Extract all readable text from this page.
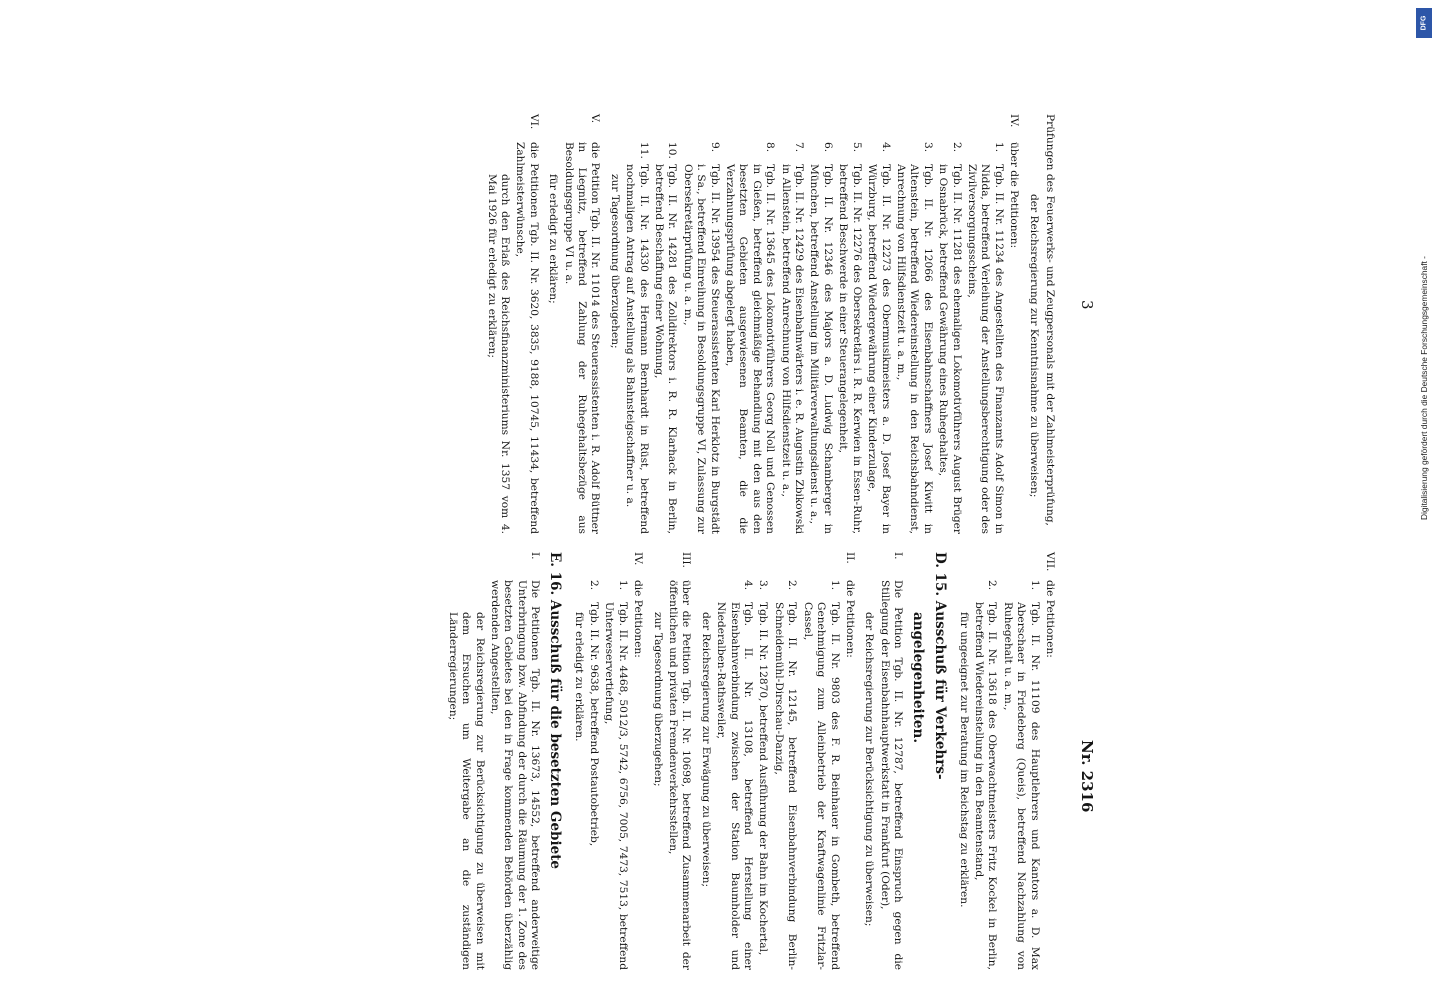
3
Nr. 2316

Prüfungen des Feuerwerks- und Zeugpersonals mit der Zahlmeisterprüfung,

der Reichsregierung zur Kenntnisnahme zu überweisen;

IV.
über die Petitionen:
1.
Tgb. II. Nr. 11234 des Angestellten des Finanzamts Adolf Simon in Nidda, betreffend Verleihung der Anstellungsberechtigung oder des Zivilversorgungsscheins,
2.
Tgb. II. Nr. 11281 des ehemaligen Lokomotivführers August Brüger in Osnabrück, betreffend Gewährung eines Ruhegehaltes,
3.
Tgb. II. Nr. 12066 des Eisenbahnschaffners Josef Kiwitt in Altenstein, betreffend Wiedereinstellung in den Reichsbahndienst, Anrechnung von Hilfsdienstzeit u. a. m.,
4.
Tgb. II. Nr. 12273 des Obermusikmeisters a. D. Josef Bayer in Würzburg, betreffend Wiedergewährung einer Kinderzulage,
5.
Tgb. II. Nr. 12276 des Obersekretärs i. R. R. Kerwien in Essen-Ruhr, betreffend Beschwerde in einer Steuerangelegenheit,
6.
Tgb. II. Nr. 12346 des Majors a. D. Ludwig Schamberger in München, betreffend Anstellung im Militärverwaltungsdienst u. a.,
7.
Tgb. II. Nr. 12429 des Eisenbahnwärters i. e. R. Augustin Zbikowski in Allenstein, betreffend Anrechnung von Hilfsdienstzeit u. a.,
8.
Tgb. II. Nr. 13645 des Lokomotivführers Georg Noll und Genossen in Gießen, betreffend gleichmäßige Behandlung mit den aus den besetzten Gebieten ausgewiesenen Beamten, die die Verzahnungsprüfung abgelegt haben,
9.
Tgb. II. Nr. 13954 des Steuerassistenten Karl Herklotz in Burgstädt i. Sa., betreffend Einreihung in Besoldungsgruppe VI, Zulassung zur Obersekretärprüfung u. a. m.,
10.
Tgb. II. Nr. 14281 des Zolldirektors i. R. R. Klarhack in Berlin, betreffend Beschaffung einer Wohnung,
11.
Tgb. II. Nr. 14330 des Hermann Bernhardt in Rüst, betreffend nochmaligen Antrag auf Anstellung als Bahnsteigschaffner u. a.

zur Tagesordnung überzugehen;

V.
die Petition Tgb. II. Nr. 11014 des Steuerassistenten i. R. Adolf Büttner in Liegnitz, betreffend Zahlung der Ruhegehaltsbezüge aus Besoldungsgruppe VI u. a.

für erledigt zu erklären;

VI.
die Petitionen Tgb. II. Nr. 3620, 3835, 9188, 10745, 11434, betreffend Zahlmeisterwünsche,

durch den Erlaß des Reichsfinanzministeriums Nr. 1357 vom 4. Mai 1926 für erledigt zu erklären;

VII.
die Petitionen:
1.
Tgb. II. Nr. 11109 des Hauptlehrers und Kantors a. D. Max Aberschaer in Friedeberg (Queis), betreffend Nachzahlung von Ruhegehalt u. a. m.,
2.
Tgb. II. Nr. 13618 des Oberwachtmeisters Fritz Kockel in Berlin, betreffend Wiedereinstellung in den Beamtenstand,

für ungeeignet zur Beratung im Reichstag zu erklären.

D. 15. Ausschuß für Verkehrs-
angelegenheiten.
I.
Die Petition Tgb. II. Nr. 12787, betreffend Einspruch gegen die Stillegung der Eisenbahnhauptwerkstatt in Frankfurt (Oder),

der Reichsregierung zur Berücksichtigung zu überweisen;

II.
die Petitionen:
1.
Tgb. II. Nr. 9803 des F. R. Beinhauer in Gombeth, betreffend Genehmigung zum Alleinbetrieb der Kraftwagenlinie Fritzlar-Cassel,
2.
Tgb. II. Nr. 12145, betreffend Eisenbahnverbindung Berlin-Schneidemühl-Dirschau-Danzig,
3.
Tgb. II. Nr. 12870, betreffend Ausführung der Bahn im Kochertal,
4.
Tgb. II. Nr. 13108, betreffend Herstellung einer Eisenbahnverbindung zwischen der Station Baumholder und Niederalben-Rathsweiler,

der Reichsregierung zur Erwägung zu überweisen;

III.
über die Petition Tgb. II. Nr. 10698, betreffend Zusammenarbeit der öffentlichen und privaten Fremdenverkehrsstellen,

zur Tagesordnung überzugehen;

IV.
die Petitionen:
1.
Tgb. II. Nr. 4468, 5012/3, 5742, 6756, 7005, 7473, 7513, betreffend Unterweservertiefung,
2.
Tgb. II. Nr. 9638, betreffend Postautobetrieb,

für erledigt zu erklären.

E. 16. Ausschuß für die besetzten Gebiete
I.
Die Petitionen Tgb. II. Nr. 13673, 14552, betreffend anderweitige Unterbringung bzw. Abfindung der durch die Räumung der 1. Zone des besetzten Gebietes bei den in Frage kommenden Behörden überzählig werdenden Angestellten,

der Reichsregierung zur Berücksichtigung zu überweisen mit dem Ersuchen um Weitergabe an die zuständigen Länderregierungen;

DFG
Digitalisierung gefördert durch die Deutsche Forschungsgemeinschaft -
